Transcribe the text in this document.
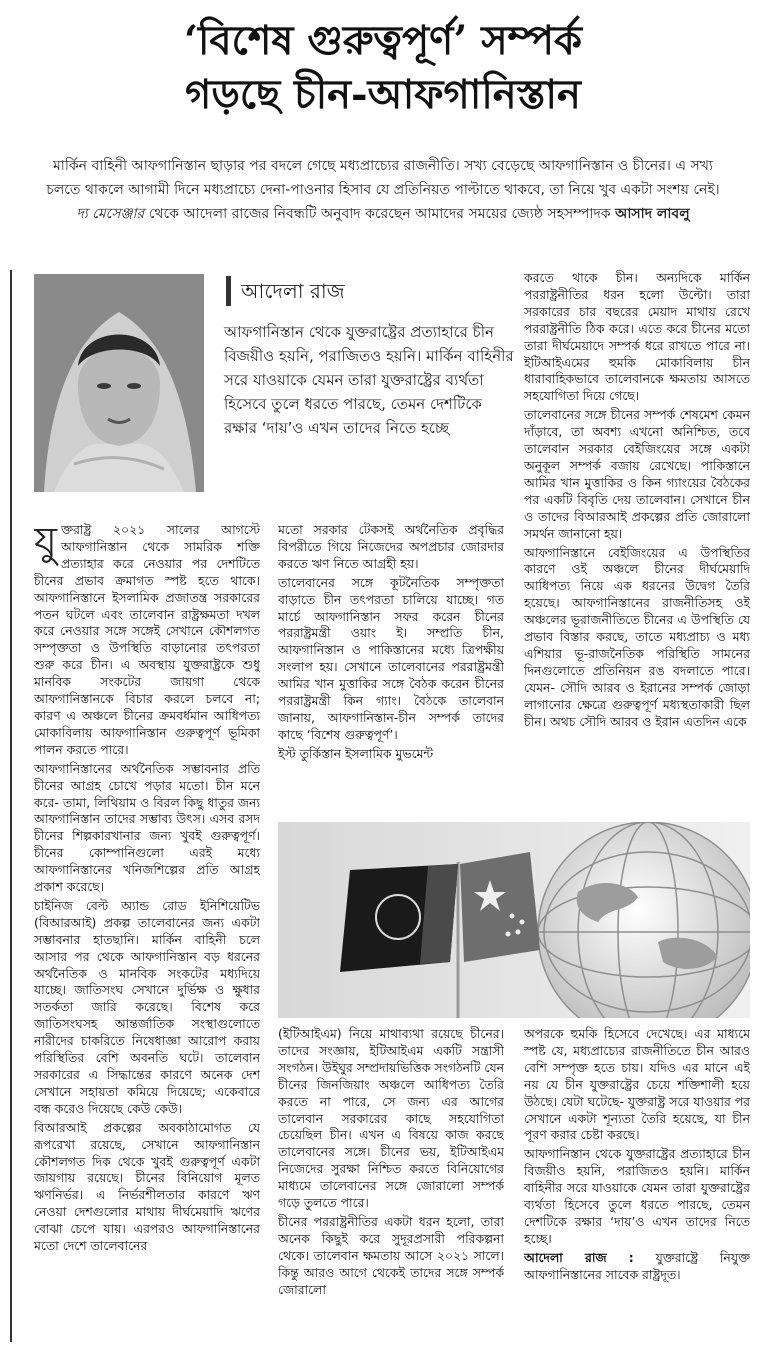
‘বিশেষ গুরুত্বপূর্ণ’ সম্পর্ক
গড়ছে চীন-আফগানিস্তান
মার্কিন বাহিনী আফগানিস্তান ছাড়ার পর বদলে গেছে মধ্যপ্রাচ্যের রাজনীতি। সখ্য বেড়েছে আফগানিস্তান ও চীনের। এ সখ্য চলতে থাকলে আগামী দিনে মধ্যপ্রাচ্যে দেনা-পাওনার হিসাব যে প্রতিনিয়ত পাল্টাতে থাকবে, তা নিয়ে খুব একটা সংশয় নেই। দ্য মেসেঞ্জার থেকে আদেলা রাজের নিবন্ধটি অনুবাদ করেছেন আমাদের সময়ের জ্যেষ্ঠ সহসম্পাদক আসাদ লাবলু
আদেলা রাজ
আফগানিস্তান থেকে যুক্তরাষ্ট্রের প্রত্যাহারে চীন বিজয়ীও হয়নি, পরাজিতও হয়নি। মার্কিন বাহিনীর সরে যাওয়াকে যেমন তারা যুক্তরাষ্ট্রের ব্যর্থতা হিসেবে তুলে ধরতে পারছে, তেমন দেশটিকে রক্ষার ‘দায়’ও এখন তাদের নিতে হচ্ছে

করতে থাকে চীন। অন্যদিকে মার্কিন পররাষ্ট্রনীতির ধরন হলো উল্টো। তারা সরকারের চার বছরের মেয়াদ মাথায় রেখে পররাষ্ট্রনীতি ঠিক করে। এতে করে চীনের মতো তারা দীর্ঘমেয়াদে সম্পর্ক ধরে রাখতে পারে না। ইটিআইএমের হুমকি মোকাবিলায় চীন ধারাবাহিকভাবে তালেবানকে ক্ষমতায় আসতে সহযোগিতা দিয়ে গেছে।

তালেবানের সঙ্গে চীনের সম্পর্ক শেষমেশ কেমন দাঁড়াবে, তা অবশ্য এখনো অনিশ্চিত, তবে তালেবান সরকার বেইজিংয়ের সঙ্গে একটা অনুকূল সম্পর্ক বজায় রেখেছে। পাকিস্তানে আমির খান মুত্তাকির ও কিন গ্যাংয়ের বৈঠকের পর একটি বিবৃতি দেয় তালেবান। সেখানে চীন ও তাদের বিআরআই প্রকল্পের প্রতি জোরালো সমর্থন জানানো হয়।

আফগানিস্তানে বেইজিংয়ের এ উপস্থিতির কারণে ওই অঞ্চলে চীনের দীর্ঘমেয়াদি আধিপত্য নিয়ে এক ধরনের উদ্বেগ তৈরি হয়েছে। আফগানিস্তানের রাজনীতিসহ ওই অঞ্চলের ভূরাজনীতিতে চীনের এ উপস্থিতি যে প্রভাব বিস্তার করছে, তাতে মধ্যপ্রাচ্য ও মধ্য এশিয়ার ভূ-রাজনৈতিক পরিস্থিতি সামনের দিনগুলোতে প্রতিনিয়ন রঙ বদলাতে পারে। যেমন- সৌদি আরব ও ইরানের সম্পর্ক জোড়া লাগানোর ক্ষেত্রে গুরুত্বপূর্ণ মধ্যস্থতাকারী ছিল চীন। অথচ সৌদি আরব ও ইরান এতদিন একে

যুক্তরাষ্ট্র ২০২১ সালের আগস্টে আফগানিস্তান থেকে সামরিক শক্তি প্রত্যাহার করে নেওয়ার পর দেশটিতে চীনের প্রভাব ক্রমাগত স্পষ্ট হতে থাকে। আফগানিস্তানে ইসলামিক প্রজাতন্ত্র সরকারের পতন ঘটলে এবং তালেবান রাষ্ট্রক্ষমতা দখল করে নেওয়ার সঙ্গে সঙ্গেই সেখানে কৌশলগত সম্পৃক্ততা ও উপস্থিতি বাড়ানোর তৎপরতা শুরু করে চীন। এ অবস্থায় যুক্তরাষ্ট্রকে শুধু মানবিক সংকটের জায়গা থেকে আফগানিস্তানকে বিচার করলে চলবে না; কারণ এ অঞ্চলে চীনের ক্রমবর্ধমান আধিপত্য মোকাবিলায় আফগানিস্তান গুরুত্বপূর্ণ ভূমিকা পালন করতে পারে।

আফগানিস্তানের অর্থনৈতিক সম্ভাবনার প্রতি চীনের আগ্রহ চোখে পড়ার মতো। চীন মনে করে- তামা, লিথিয়াম ও বিরল কিছু ধাতুর জন্য আফগানিস্তান তাদের সম্ভাব্য উৎস। এসব রসদ চীনের শিল্পকারখানার জন্য খুবই গুরুত্বপূর্ণ। চীনের কোম্পানিগুলো এরই মধ্যে আফগানিস্তানের খনিজশিল্পের প্রতি আগ্রহ প্রকাশ করেছে।

চাইনিজ বেল্ট অ্যান্ড রোড ইনিশিয়েটিভ (বিআরআই) প্রকল্প তালেবানের জন্য একটা সম্ভাবনার হাতছানি। মার্কিন বাহিনী চলে আসার পর থেকে আফগানিস্তান বড় ধরনের অর্থনৈতিক ও মানবিক সংকটের মধ্যদিয়ে যাচ্ছে। জাতিসংঘ সেখানে দুর্ভিক্ষ ও ক্ষুধার সতর্কতা জারি করেছে। বিশেষ করে জাতিসংঘসহ আন্তর্জাতিক সংস্থাগুলোতে নারীদের চাকরিতে নিষেধাজ্ঞা আরোপ করায় পরিস্থিতির বেশি অবনতি ঘটে। তালেবান সরকারের এ সিদ্ধান্তের কারণে অনেক দেশ সেখানে সহায়তা কমিয়ে দিয়েছে; একেবারে বন্ধ করেও দিয়েছে কেউ কেউ।

বিআরআই প্রকল্পের অবকাঠামোগত যে রূপরেখা রয়েছে, সেখানে আফগানিস্তান কৌশলগত দিক থেকে খুবই গুরুত্বপূর্ণ একটা জায়গায় রয়েছে। চীনের বিনিয়োগ মূলত ঋণনির্ভর। এ নির্ভরশীলতার কারণে ঋণ নেওয়া দেশগুলোর মাথায় দীর্ঘমেয়াদি ঋণের বোঝা চেপে যায়। এরপরও আফগানিস্তানের মতো দেশে তালেবানের

মতো সরকার টেকসই অর্থনৈতিক প্রবৃদ্ধির বিপরীতে গিয়ে নিজেদের অপপ্রচার জোরদার করতে ঋণ নিতে আগ্রহী হয়।

তালেবানের সঙ্গে কূটনৈতিক সম্পৃক্ততা বাড়াতে চীন তৎপরতা চালিয়ে যাচ্ছে। গত মার্চে আফগানিস্তান সফর করেন চীনের পররাষ্ট্রমন্ত্রী ওয়াং ই। সম্প্রতি চীন, আফগানিস্তান ও পাকিস্তানের মধ্যে ত্রিপক্ষীয় সংলাপ হয়। সেখানে তালেবানের পররাষ্ট্রমন্ত্রী আমির খান মুত্তাকির সঙ্গে বৈঠক করেন চীনের পররাষ্ট্রমন্ত্রী কিন গ্যাং। বৈঠকে তালেবান জানায়, আফগানিস্তান-চীন সম্পর্ক তাদের কাছে ‘বিশেষ গুরুত্বপূর্ণ’।

ইস্ট তুর্কিস্তান ইসলামিক মুভমেন্ট

(ইটিআইএম) নিয়ে মাথাব্যথা রয়েছে চীনের। তাদের সংজ্ঞায়, ইটিআইএম একটি সন্ত্রাসী সংগঠন। উইঘুর সম্প্রদায়ভিত্তিক সংগঠনটি যেন চীনের জিনজিয়াং অঞ্চলে আধিপত্য তৈরি করতে না পারে, সে জন্য এর আগের তালেবান সরকারের কাছে সহযোগিতা চেয়েছিল চীন। এখন এ বিষয়ে কাজ করছে তালেবানের সঙ্গে। চীনের ভয়, ইটিআইএম নিজেদের সুরক্ষা নিশ্চিত করতে বিনিয়োগের মাধ্যমে তালেবানের সঙ্গে জোরালো সম্পর্ক গড়ে তুলতে পারে।

চীনের পররাষ্ট্রনীতির একটা ধরন হলো, তারা অনেক কিছুই করে সুদূরপ্রসারী পরিকল্পনা থেকে। তালেবান ক্ষমতায় আসে ২০২১ সালে। কিন্তু আরও আগে থেকেই তাদের সঙ্গে সম্পর্ক জোরালো

অপরকে হুমকি হিসেবে দেখেছে। এর মাধ্যমে স্পষ্ট যে, মধ্যপ্রাচ্যের রাজনীতিতে চীন আরও বেশি সম্পৃক্ত হতে চায়। যদিও এর মানে এই নয় যে চীন যুক্তরাষ্ট্রের চেয়ে শক্তিশালী হয়ে উঠছে। যেটা ঘটেছে- যুক্তরাষ্ট্র সরে যাওয়ার পর সেখানে একটা শূন্যতা তৈরি হয়েছে, যা চীন পূরণ করার চেষ্টা করছে।

আফগানিস্তান থেকে যুক্তরাষ্ট্রের প্রত্যাহারে চীন বিজয়ীও হয়নি, পরাজিতও হয়নি। মার্কিন বাহিনীর সরে যাওয়াকে যেমন তারা যুক্তরাষ্ট্রের ব্যর্থতা হিসেবে তুলে ধরতে পারছে, তেমন দেশটিকে রক্ষার ‘দায়’ও এখন তাদের নিতে হচ্ছে।

আদেলা রাজ : যুক্তরাষ্ট্রে নিযুক্ত আফগানিস্তানের সাবেক রাষ্ট্রদূত।
